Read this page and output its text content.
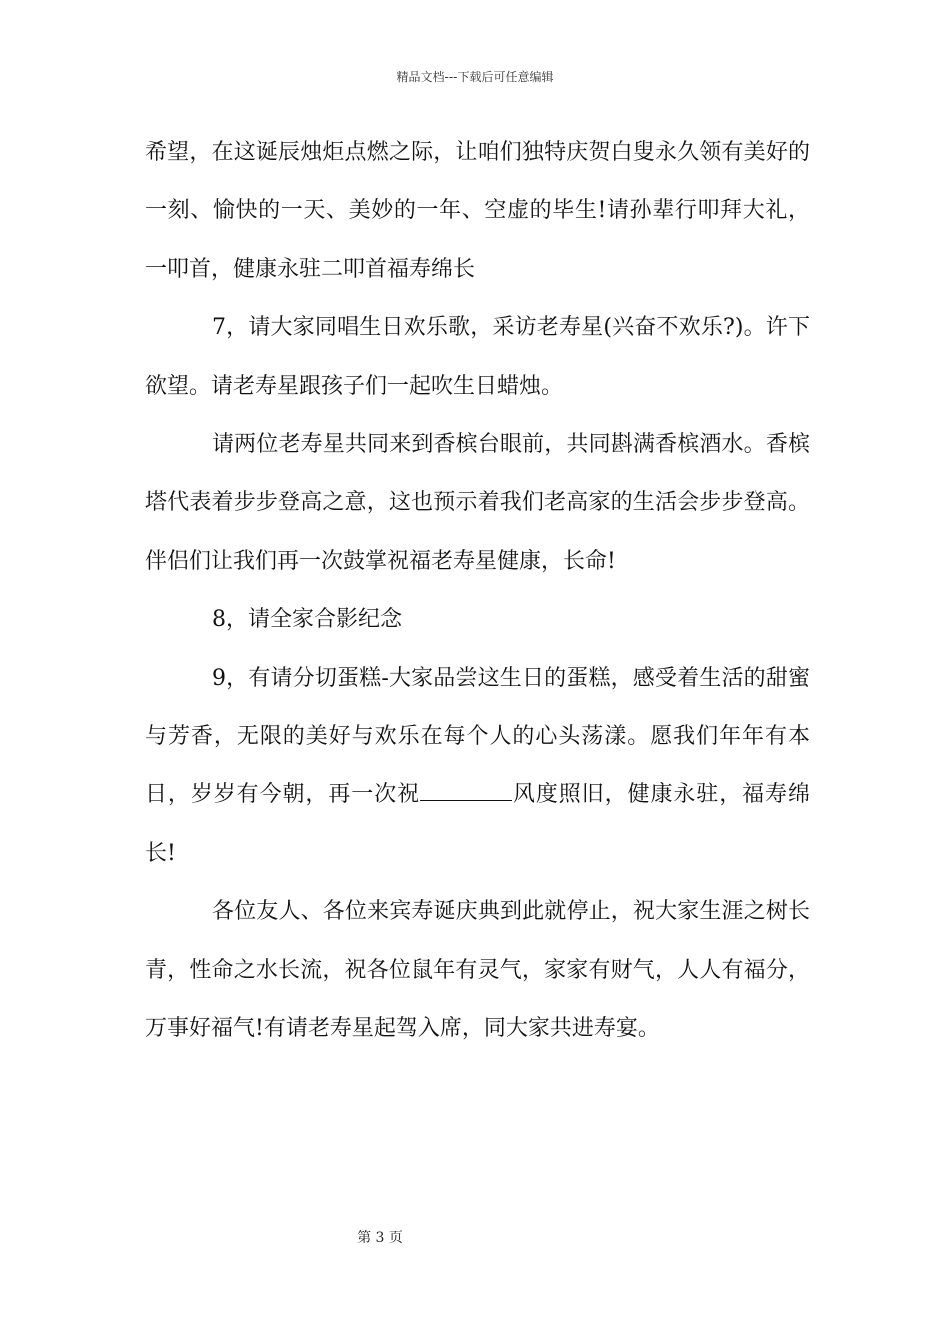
精品文档---下载后可任意编辑

希望，在这诞辰烛炬点燃之际，让咱们独特庆贺白叟永久领有美好的一刻、愉快的一天、美妙的一年、空虚的毕生!请孙辈行叩拜大礼，一叩首，健康永驻二叩首福寿绵长

7，请大家同唱生日欢乐歌，采访老寿星(兴奋不欢乐?)。许下欲望。请老寿星跟孩子们一起吹生日蜡烛。

请两位老寿星共同来到香槟台眼前，共同斟满香槟酒水。香槟塔代表着步步登高之意，这也预示着我们老高家的生活会步步登高。伴侣们让我们再一次鼓掌祝福老寿星健康，长命!

8，请全家合影纪念

9，有请分切蛋糕-大家品尝这生日的蛋糕，感受着生活的甜蜜与芳香，无限的美好与欢乐在每个人的心头荡漾。愿我们年年有本日，岁岁有今朝，再一次祝	风度照旧，健康永驻，福寿绵长!

各位友人、各位来宾寿诞庆典到此就停止，祝大家生涯之树长青，性命之水长流，祝各位鼠年有灵气，家家有财气，人人有福分，万事好福气!有请老寿星起驾入席，同大家共进寿宴。

第 3 页
